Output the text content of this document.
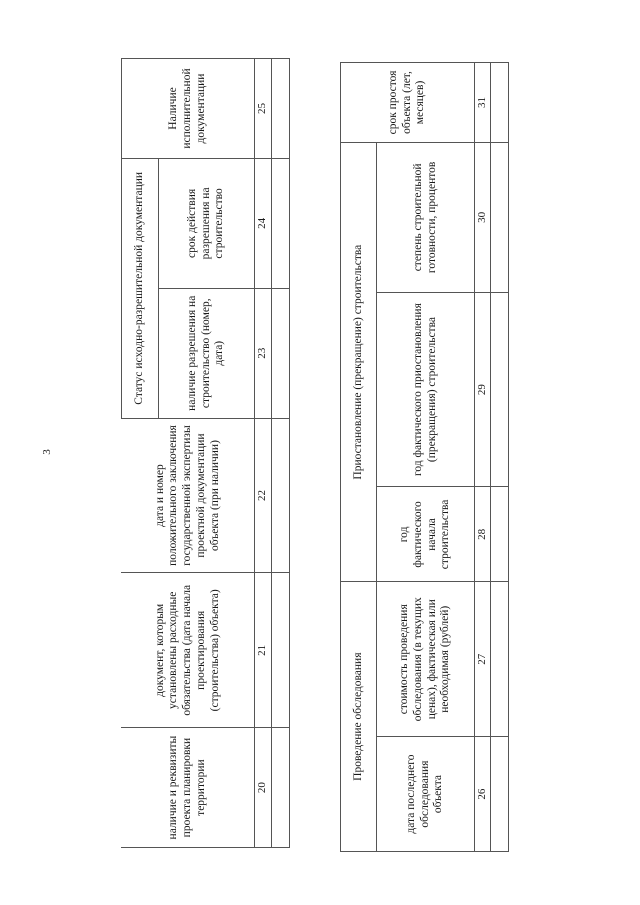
3
наличие и реквизиты проекта планировки территории	документ, которым установлены расходные обязательства (дата начала проектирования (строительства) объекта)	дата и номер положительного заключения государственной экспертизы проектной документации объекта (при наличии)	Статус исходно-разрешительной документации		Наличие исполнительной документации
			наличие разрешения на строительство (номер, дата)	срок действия разрешения на строительство	
20	21	22	23	24	25

Проведение обследования		Приостановление (прекращение) строительства			срок простоя объекта (лет, месяцев)
дата последнего обследования объекта	стоимость проведения обследования (в текущих ценах), фактическая или необходимая (рублей)	год фактического начала строительства	год фактического приостановления (прекращения) строительства	степень строительной готовности, процентов	
26	27	28	29	30	31
